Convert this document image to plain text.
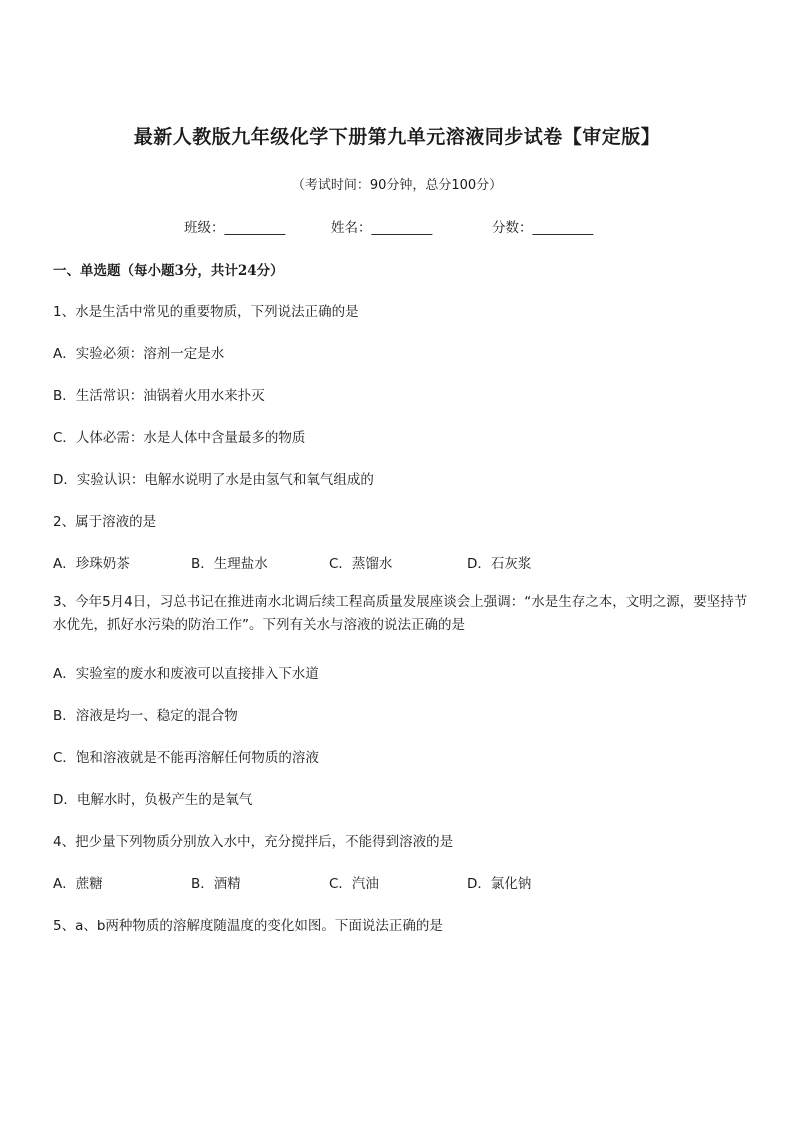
最新人教版九年级化学下册第九单元溶液同步试卷【审定版】
（考试时间：90分钟，总分100分）
班级：_________	姓名：_________	分数：_________
一、单选题（每小题3分，共计24分）
1、水是生活中常见的重要物质，下列说法正确的是
A．实验必须：溶剂一定是水
B．生活常识：油锅着火用水来扑灭
C．人体必需：水是人体中含量最多的物质
D．实验认识：电解水说明了水是由氢气和氧气组成的
2、属于溶液的是
A．珍珠奶茶	B．生理盐水	C．蒸馏水	D．石灰浆
3、今年5月4日，习总书记在推进南水北调后续工程高质量发展座谈会上强调：“水是生存之本，文明之源，要坚持节水优先，抓好水污染的防治工作”。下列有关水与溶液的说法正确的是
A．实验室的废水和废液可以直接排入下水道
B．溶液是均一、稳定的混合物
C．饱和溶液就是不能再溶解任何物质的溶液
D．电解水时，负极产生的是氧气
4、把少量下列物质分别放入水中，充分搅拌后，不能得到溶液的是
A．蔗糖	B．酒精	C．汽油	D．氯化钠
5、a、b两种物质的溶解度随温度的变化如图。下面说法正确的是
